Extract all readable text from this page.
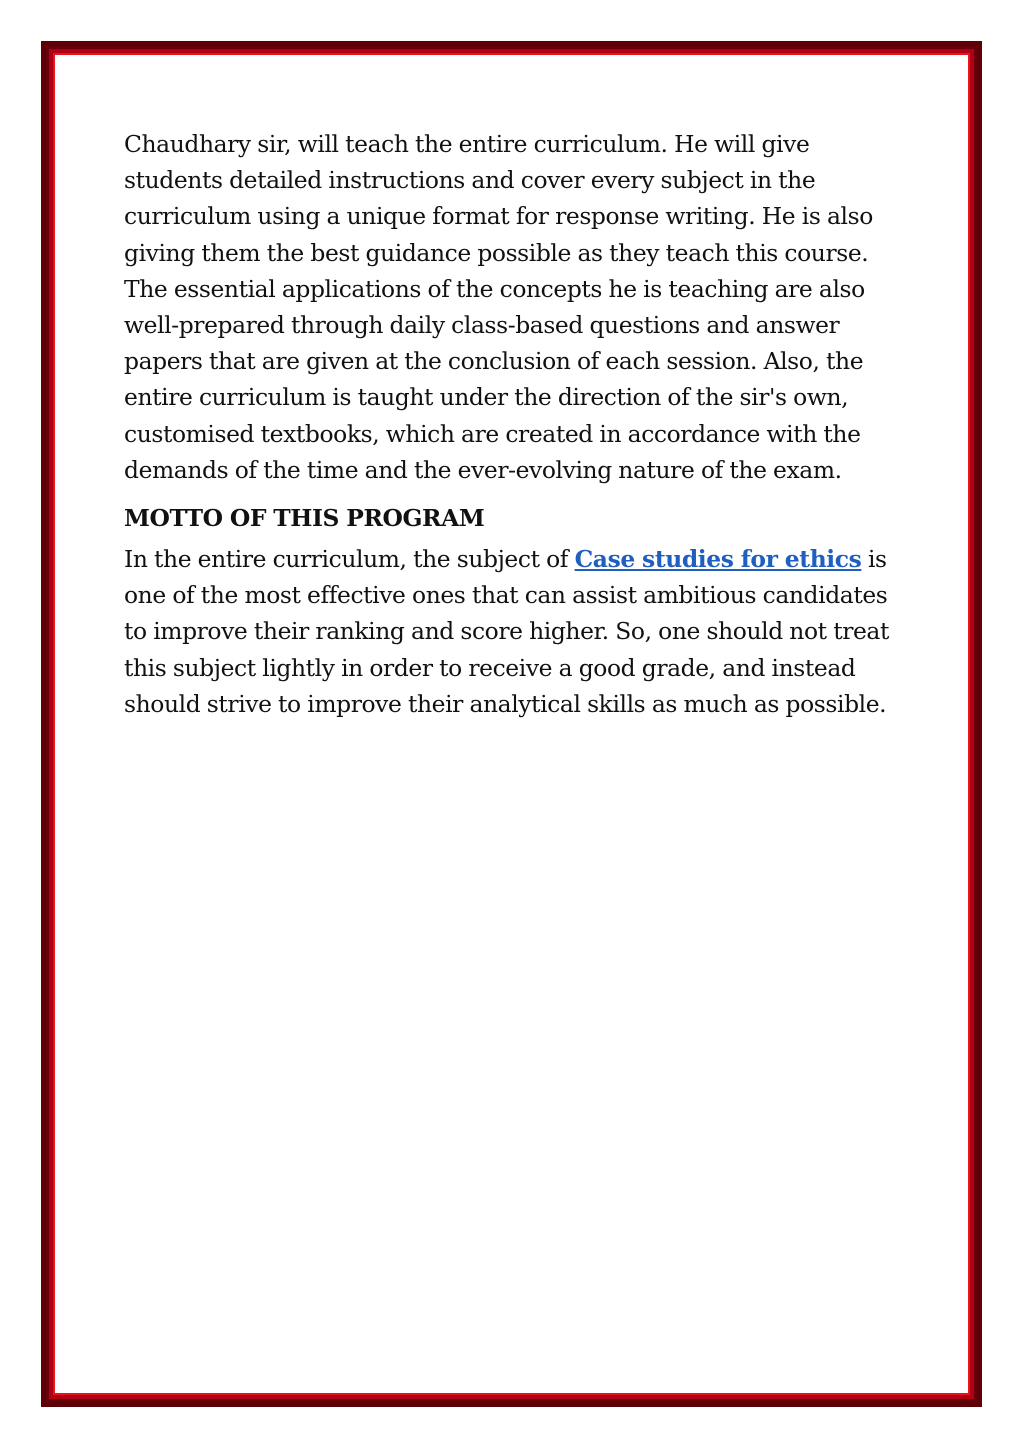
Chaudhary sir, will teach the entire curriculum. He will give students detailed instructions and cover every subject in the curriculum using a unique format for response writing. He is also giving them the best guidance possible as they teach this course. The essential applications of the concepts he is teaching are also well-prepared through daily class-based questions and answer papers that are given at the conclusion of each session. Also, the entire curriculum is taught under the direction of the sir's own, customised textbooks, which are created in accordance with the demands of the time and the ever-evolving nature of the exam.

MOTTO OF THIS PROGRAM

In the entire curriculum, the subject of Case studies for ethics is one of the most effective ones that can assist ambitious candidates to improve their ranking and score higher. So, one should not treat this subject lightly in order to receive a good grade, and instead should strive to improve their analytical skills as much as possible.
